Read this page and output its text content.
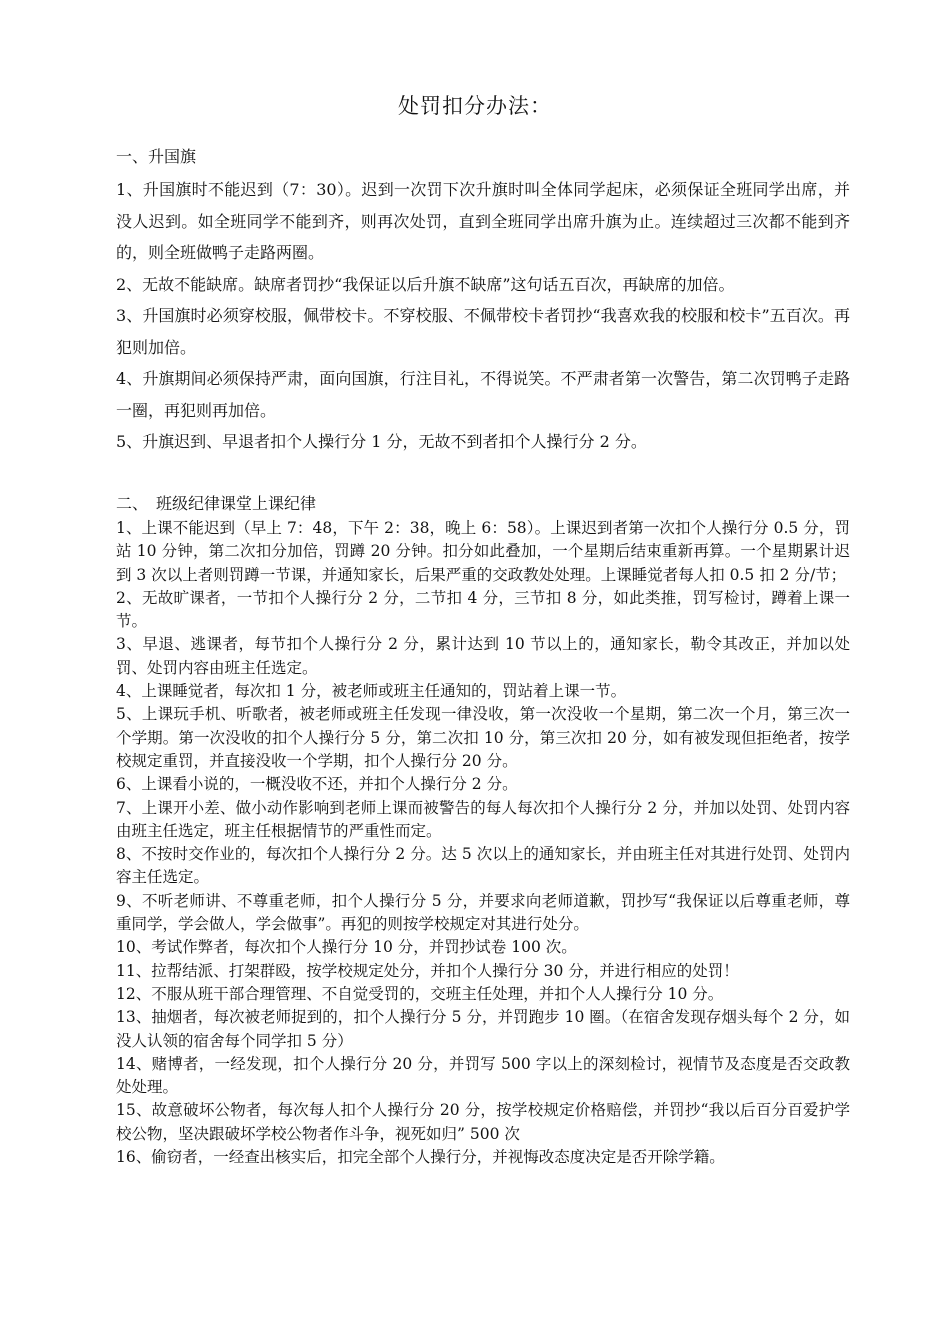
处罚扣分办法：
一、升国旗

1、升国旗时不能迟到（7：30）。迟到一次罚下次升旗时叫全体同学起床，必须保证全班同学出席，并没人迟到。如全班同学不能到齐，则再次处罚，直到全班同学出席升旗为止。连续超过三次都不能到齐的，则全班做鸭子走路两圈。

2、无故不能缺席。缺席者罚抄“我保证以后升旗不缺席”这句话五百次，再缺席的加倍。

3、升国旗时必须穿校服，佩带校卡。不穿校服、不佩带校卡者罚抄“我喜欢我的校服和校卡”五百次。再犯则加倍。

4、升旗期间必须保持严肃，面向国旗，行注目礼，不得说笑。不严肃者第一次警告，第二次罚鸭子走路一圈，再犯则再加倍。

5、升旗迟到、早退者扣个人操行分 1 分，无故不到者扣个人操行分 2 分。

二、　班级纪律课堂上课纪律

1、上课不能迟到（早上 7：48，下午 2：38，晚上 6：58）。上课迟到者第一次扣个人操行分 0.5 分，罚站 10 分钟，第二次扣分加倍，罚蹲 20 分钟。扣分如此叠加，一个星期后结束重新再算。一个星期累计迟到 3 次以上者则罚蹲一节课，并通知家长，后果严重的交政教处处理。上课睡觉者每人扣 0.5 扣 2 分/节；

2、无故旷课者，一节扣个人操行分 2 分，二节扣 4 分，三节扣 8 分，如此类推，罚写检讨，蹲着上课一节。

3、早退、逃课者，每节扣个人操行分 2 分，累计达到 10 节以上的，通知家长，勒令其改正，并加以处罚、处罚内容由班主任选定。

4、上课睡觉者，每次扣 1 分，被老师或班主任通知的，罚站着上课一节。

5、上课玩手机、听歌者，被老师或班主任发现一律没收，第一次没收一个星期，第二次一个月，第三次一个学期。第一次没收的扣个人操行分 5 分，第二次扣 10 分，第三次扣 20 分，如有被发现但拒绝者，按学校规定重罚，并直接没收一个学期，扣个人操行分 20 分。

6、上课看小说的，一概没收不还，并扣个人操行分 2 分。

7、上课开小差、做小动作影响到老师上课而被警告的每人每次扣个人操行分 2 分，并加以处罚、处罚内容由班主任选定，班主任根据情节的严重性而定。

8、不按时交作业的，每次扣个人操行分 2 分。达 5 次以上的通知家长，并由班主任对其进行处罚、处罚内容主任选定。

9、不听老师讲、不尊重老师，扣个人操行分 5 分，并要求向老师道歉，罚抄写“我保证以后尊重老师，尊重同学，学会做人，学会做事”。再犯的则按学校规定对其进行处分。

10、考试作弊者，每次扣个人操行分 10 分，并罚抄试卷 100 次。

11、拉帮结派、打架群殴，按学校规定处分，并扣个人操行分 30 分，并进行相应的处罚！

12、不服从班干部合理管理、不自觉受罚的，交班主任处理，并扣个人人操行分 10 分。

13、抽烟者，每次被老师捉到的，扣个人操行分 5 分，并罚跑步 10 圈。（在宿舍发现存烟头每个 2 分，如没人认领的宿舍每个同学扣 5 分）

14、赌博者，一经发现，扣个人操行分 20 分，并罚写 500 字以上的深刻检讨，视情节及态度是否交政教处处理。

15、故意破坏公物者，每次每人扣个人操行分 20 分，按学校规定价格赔偿，并罚抄“我以后百分百爱护学校公物，坚决跟破坏学校公物者作斗争，视死如归” 500 次

16、偷窃者，一经查出核实后，扣完全部个人操行分，并视悔改态度决定是否开除学籍。
